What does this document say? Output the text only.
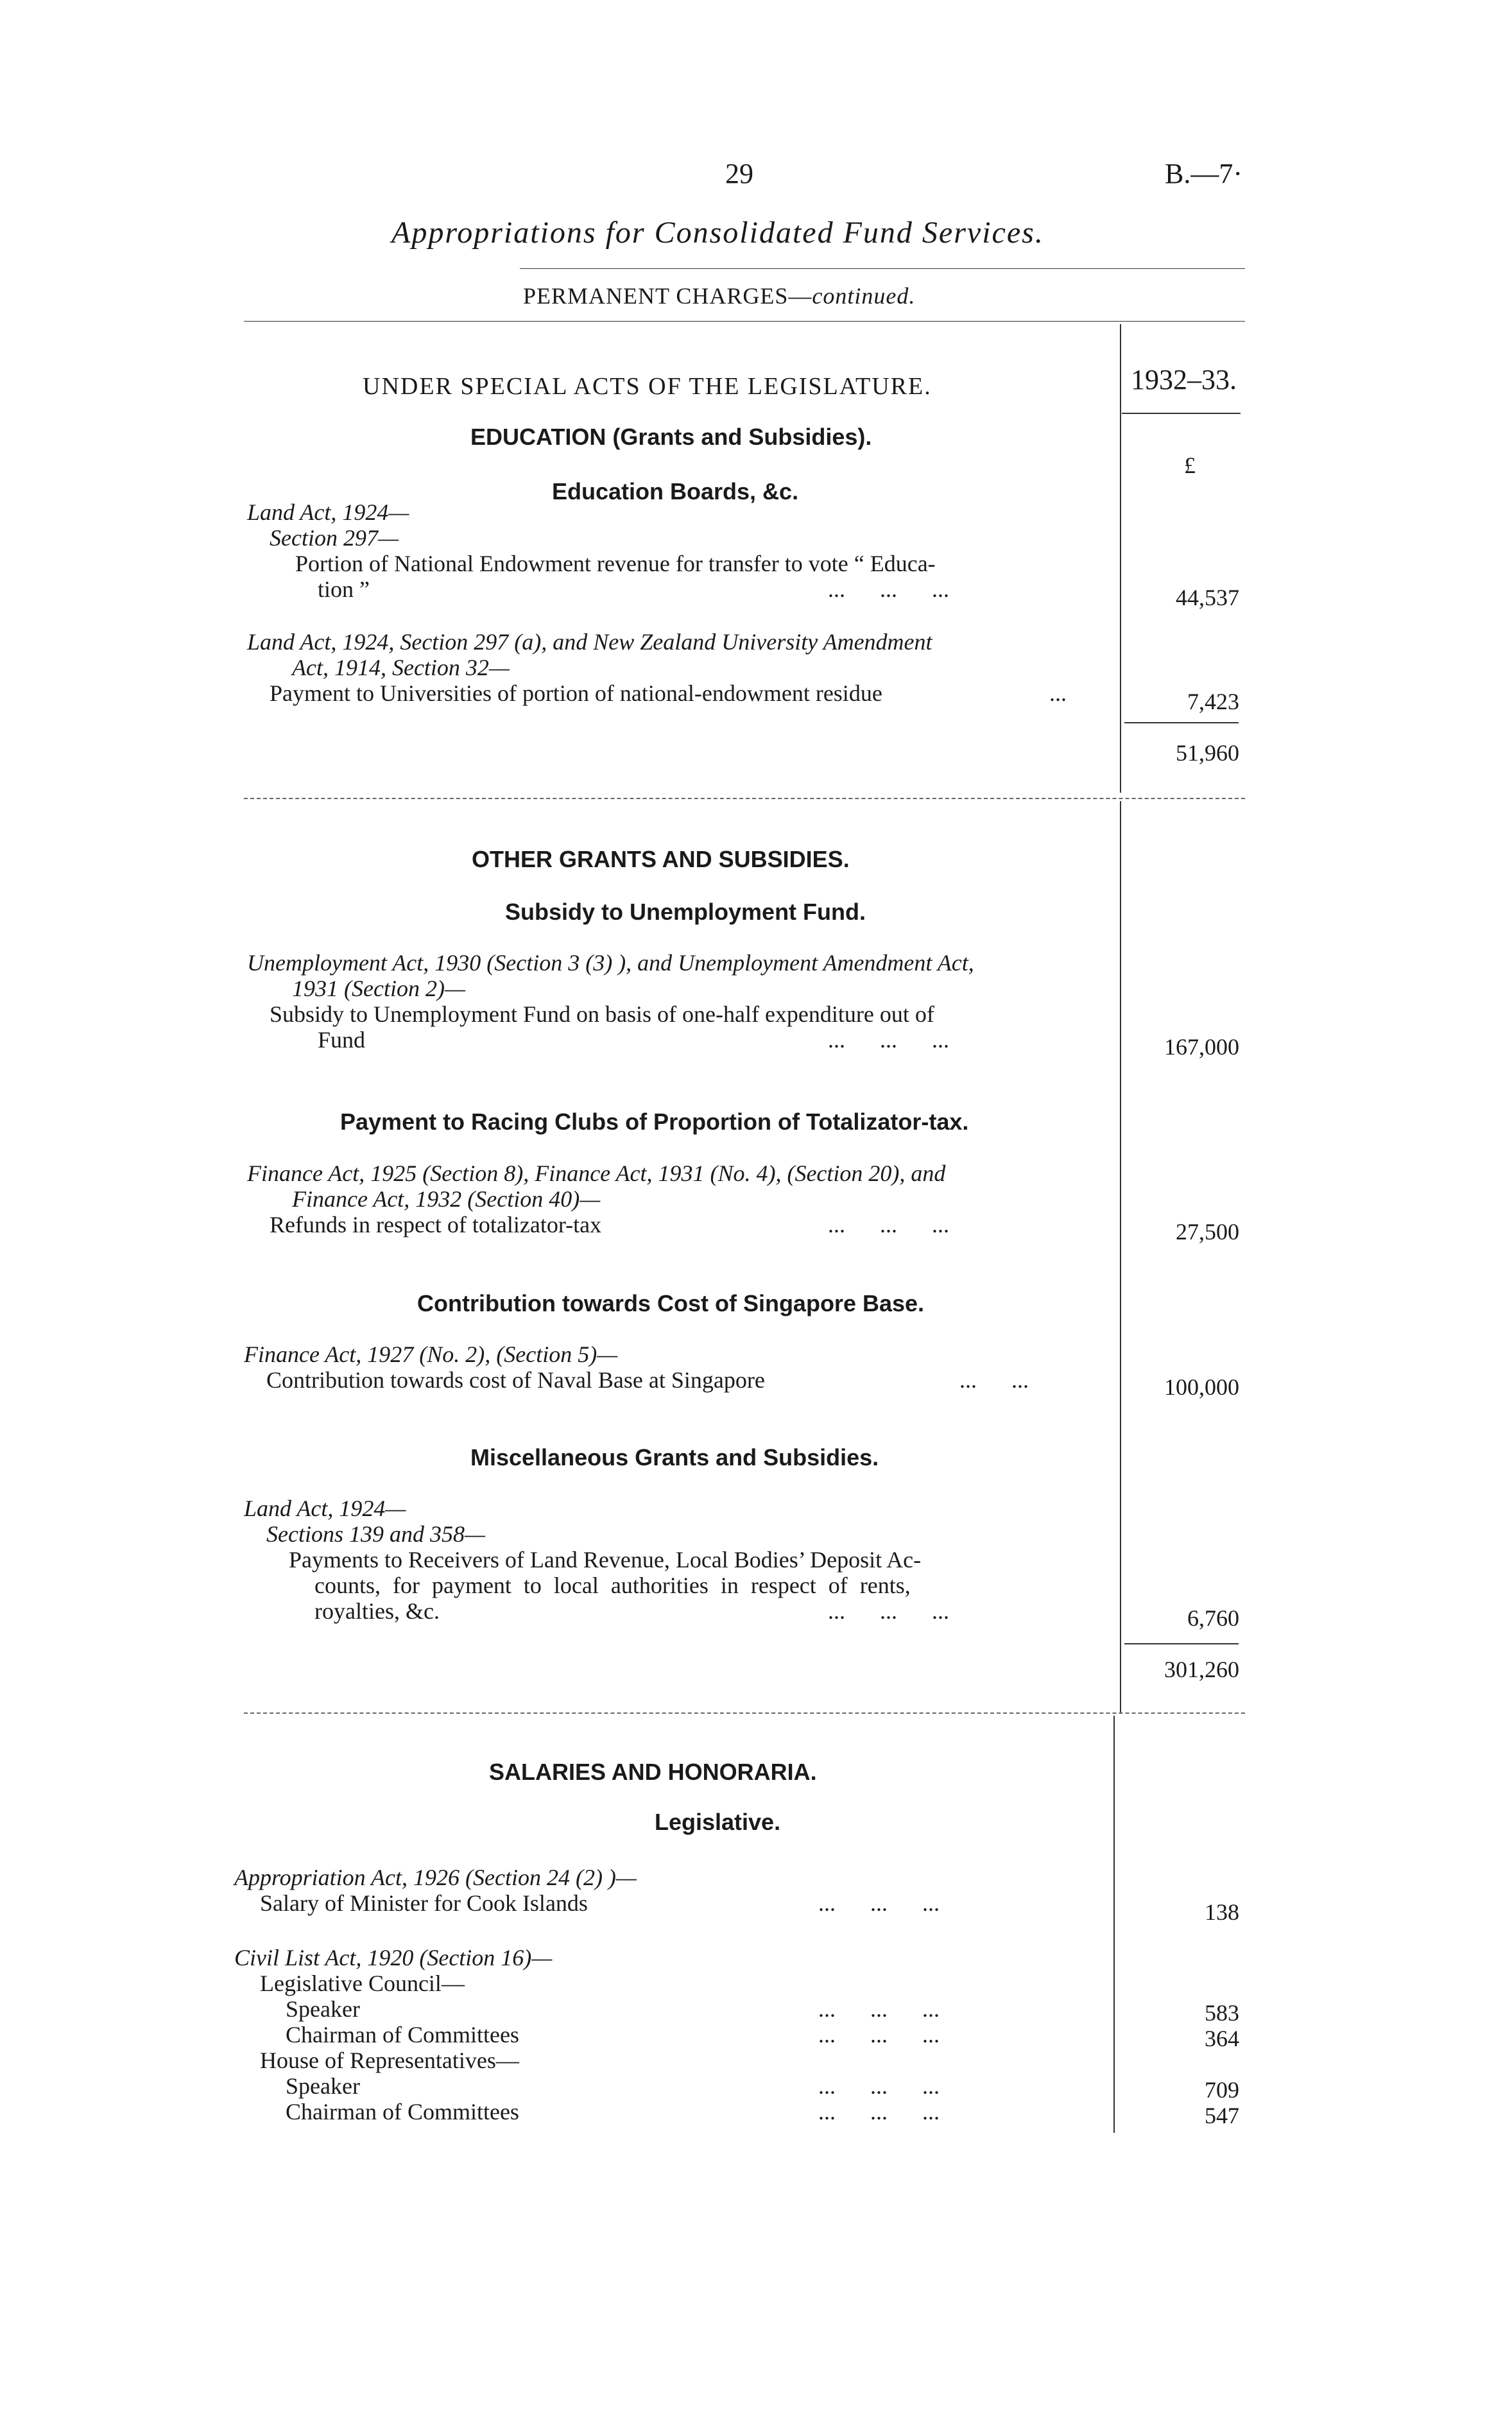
29	B.—7·
Appropriations for Consolidated Fund Services.
PERMANENT CHARGES—continued.
UNDER SPECIAL ACTS OF THE LEGISLATURE.	1932–33.
£
EDUCATION (Grants and Subsidies).
Education Boards, &c.
Land Act, 1924—
Section 297—
Portion of National Endowment revenue for transfer to vote “ Educa-
tion ”	...      ...      ...	44,537
Land Act, 1924, Section 297 (a), and New Zealand University Amendment
Act, 1914, Section 32—
Payment to Universities of portion of national-endowment residue	...	7,423
51,960
OTHER GRANTS AND SUBSIDIES.
Subsidy to Unemployment Fund.
Unemployment Act, 1930 (Section 3 (3) ), and Unemployment Amendment Act,
1931 (Section 2)—
Subsidy to Unemployment Fund on basis of one-half expenditure out of
Fund	...      ...      ...	167,000
Payment to Racing Clubs of Proportion of Totalizator-tax.
Finance Act, 1925 (Section 8), Finance Act, 1931 (No. 4), (Section 20), and
Finance Act, 1932 (Section 40)—
Refunds in respect of totalizator-tax	...      ...      ...	27,500
Contribution towards Cost of Singapore Base.
Finance Act, 1927 (No. 2), (Section 5)—
Contribution towards cost of Naval Base at Singapore	...      ...	100,000
Miscellaneous Grants and Subsidies.
Land Act, 1924—
Sections 139 and 358—
Payments to Receivers of Land Revenue, Local Bodies’ Deposit Ac-
counts, for payment to local authorities in respect of rents,
royalties, &c.	...      ...      ...	6,760
301,260
SALARIES AND HONORARIA.
Legislative.
Appropriation Act, 1926 (Section 24 (2) )—
Salary of Minister for Cook Islands	...      ...      ...	138
Civil List Act, 1920 (Section 16)—
Legislative Council—
Speaker	...      ...      ...	583
Chairman of Committees	...      ...      ...	364
House of Representatives—
Speaker	...      ...      ...	709
Chairman of Committees	...      ...      ...	547
